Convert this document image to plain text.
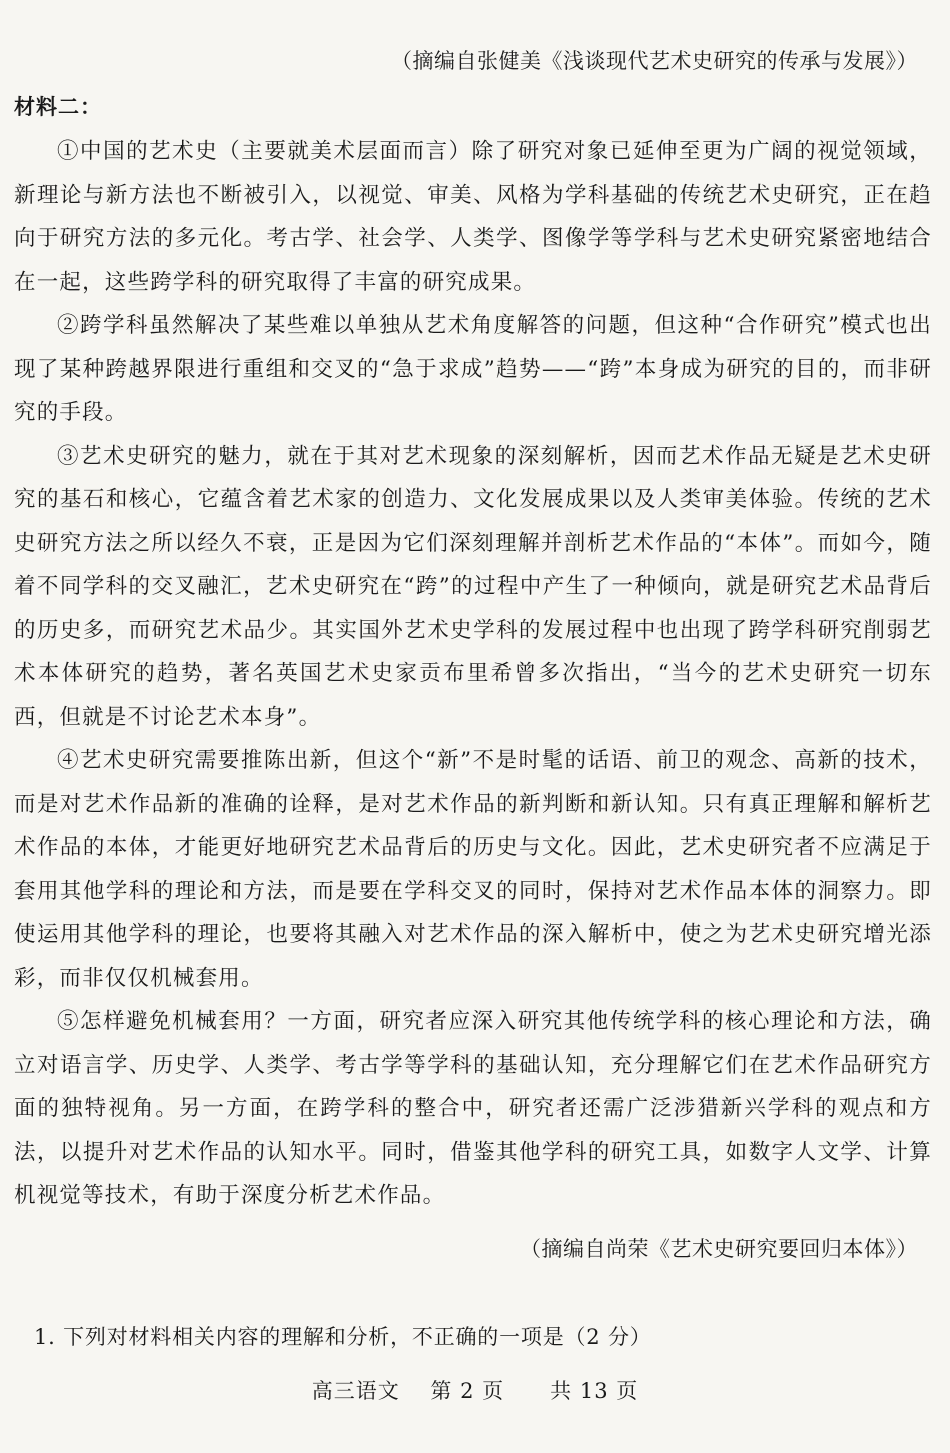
（摘编自张健美《浅谈现代艺术史研究的传承与发展》）

材料二：

①中国的艺术史（主要就美术层面而言）除了研究对象已延伸至更为广阔的视觉领域，新理论与新方法也不断被引入，以视觉、审美、风格为学科基础的传统艺术史研究，正在趋向于研究方法的多元化。考古学、社会学、人类学、图像学等学科与艺术史研究紧密地结合在一起，这些跨学科的研究取得了丰富的研究成果。

②跨学科虽然解决了某些难以单独从艺术角度解答的问题，但这种“合作研究”模式也出现了某种跨越界限进行重组和交叉的“急于求成”趋势——“跨”本身成为研究的目的，而非研究的手段。

③艺术史研究的魅力，就在于其对艺术现象的深刻解析，因而艺术作品无疑是艺术史研究的基石和核心，它蕴含着艺术家的创造力、文化发展成果以及人类审美体验。传统的艺术史研究方法之所以经久不衰，正是因为它们深刻理解并剖析艺术作品的“本体”。而如今，随着不同学科的交叉融汇，艺术史研究在“跨”的过程中产生了一种倾向，就是研究艺术品背后的历史多，而研究艺术品少。其实国外艺术史学科的发展过程中也出现了跨学科研究削弱艺术本体研究的趋势，著名英国艺术史家贡布里希曾多次指出，“当今的艺术史研究一切东西，但就是不讨论艺术本身”。

④艺术史研究需要推陈出新，但这个“新”不是时髦的话语、前卫的观念、高新的技术，而是对艺术作品新的准确的诠释，是对艺术作品的新判断和新认知。只有真正理解和解析艺术作品的本体，才能更好地研究艺术品背后的历史与文化。因此，艺术史研究者不应满足于套用其他学科的理论和方法，而是要在学科交叉的同时，保持对艺术作品本体的洞察力。即使运用其他学科的理论，也要将其融入对艺术作品的深入解析中，使之为艺术史研究增光添彩，而非仅仅机械套用。

⑤怎样避免机械套用？一方面，研究者应深入研究其他传统学科的核心理论和方法，确立对语言学、历史学、人类学、考古学等学科的基础认知，充分理解它们在艺术作品研究方面的独特视角。另一方面，在跨学科的整合中，研究者还需广泛涉猎新兴学科的观点和方法，以提升对艺术作品的认知水平。同时，借鉴其他学科的研究工具，如数字人文学、计算机视觉等技术，有助于深度分析艺术作品。

（摘编自尚荣《艺术史研究要回归本体》）

1. 下列对材料相关内容的理解和分析，不正确的一项是（2 分）
高三语文    第 2 页      共 13 页
